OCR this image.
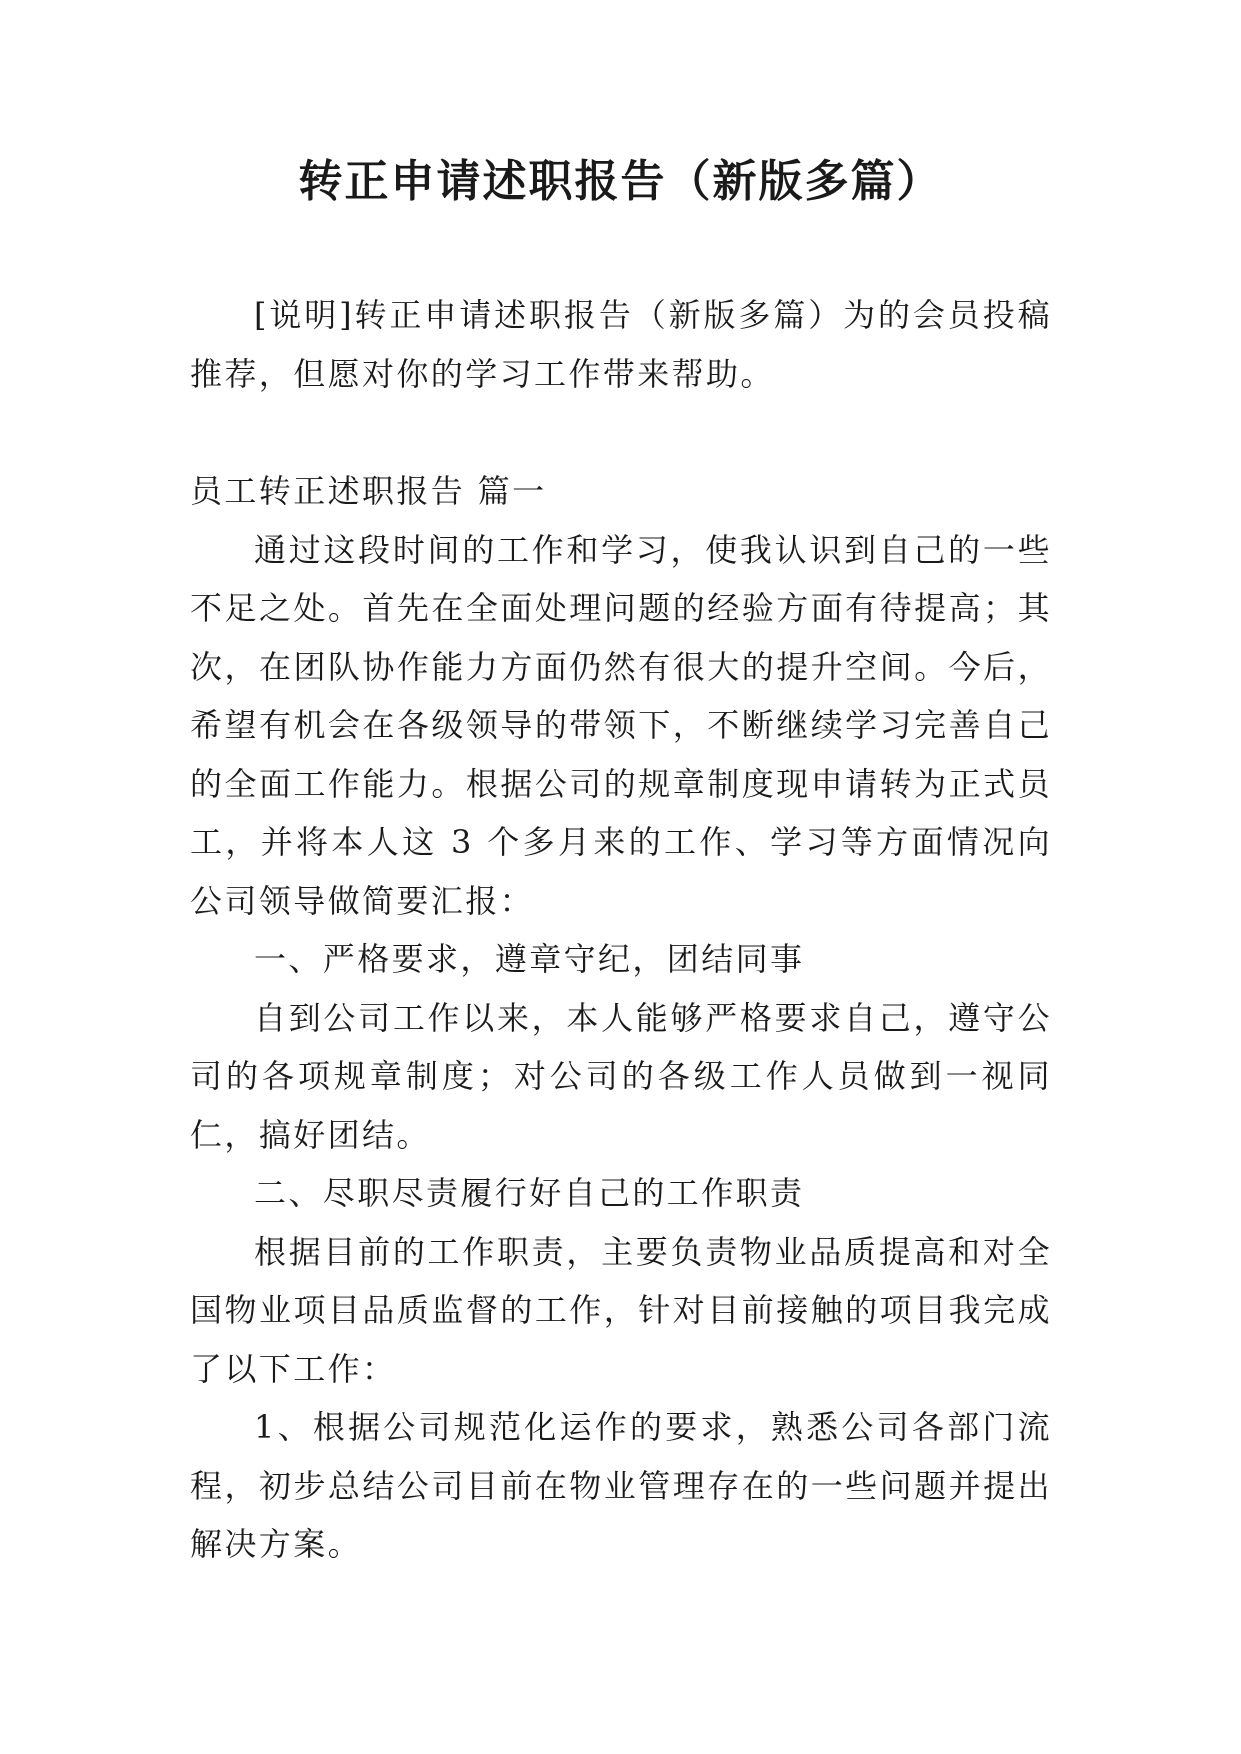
转正申请述职报告（新版多篇）

[说明]转正申请述职报告（新版多篇）为的会员投稿推荐，但愿对你的学习工作带来帮助。

员工转正述职报告 篇一

通过这段时间的工作和学习，使我认识到自己的一些不足之处。首先在全面处理问题的经验方面有待提高；其次，在团队协作能力方面仍然有很大的提升空间。今后，希望有机会在各级领导的带领下，不断继续学习完善自己的全面工作能力。根据公司的规章制度现申请转为正式员工，并将本人这 3 个多月来的工作、学习等方面情况向公司领导做简要汇报：

一、严格要求，遵章守纪，团结同事

自到公司工作以来，本人能够严格要求自己，遵守公司的各项规章制度；对公司的各级工作人员做到一视同仁，搞好团结。

二、尽职尽责履行好自己的工作职责

根据目前的工作职责，主要负责物业品质提高和对全国物业项目品质监督的工作，针对目前接触的项目我完成了以下工作：

1、根据公司规范化运作的要求，熟悉公司各部门流程，初步总结公司目前在物业管理存在的一些问题并提出解决方案。
